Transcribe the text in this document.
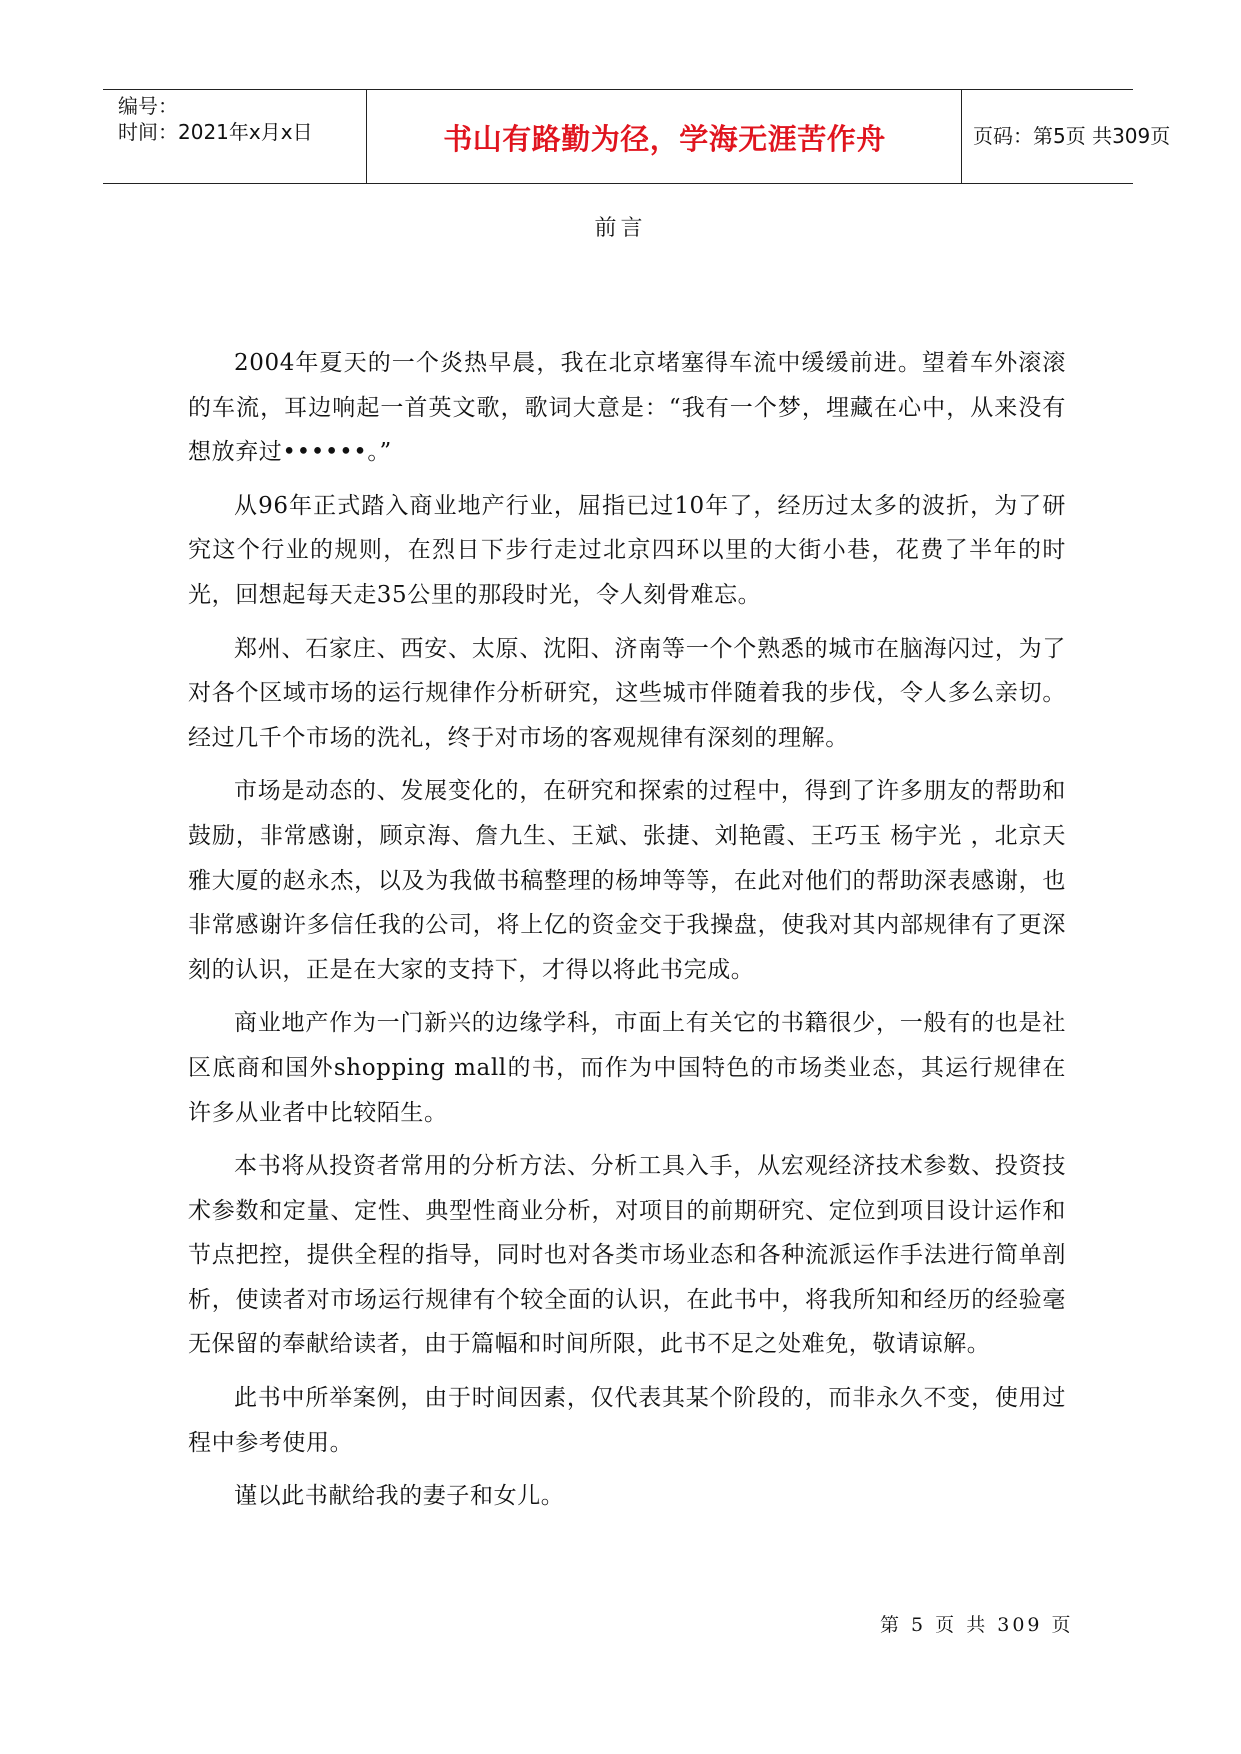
编号：
时间：2021年x月x日	书山有路勤为径，学海无涯苦作舟	页码：第5页 共309页
前言

2004年夏天的一个炎热早晨，我在北京堵塞得车流中缓缓前进。望着车外滚滚的车流，耳边响起一首英文歌，歌词大意是：“我有一个梦，埋藏在心中，从来没有想放弃过••••••。”

从96年正式踏入商业地产行业，屈指已过10年了，经历过太多的波折，为了研究这个行业的规则，在烈日下步行走过北京四环以里的大街小巷，花费了半年的时光，回想起每天走35公里的那段时光，令人刻骨难忘。

郑州、石家庄、西安、太原、沈阳、济南等一个个熟悉的城市在脑海闪过，为了对各个区域市场的运行规律作分析研究，这些城市伴随着我的步伐，令人多么亲切。经过几千个市场的洗礼，终于对市场的客观规律有深刻的理解。

市场是动态的、发展变化的，在研究和探索的过程中，得到了许多朋友的帮助和鼓励，非常感谢，顾京海、詹九生、王斌、张捷、刘艳霞、王巧玉 杨宇光 ，北京天雅大厦的赵永杰，以及为我做书稿整理的杨坤等等，在此对他们的帮助深表感谢，也非常感谢许多信任我的公司，将上亿的资金交于我操盘，使我对其内部规律有了更深刻的认识，正是在大家的支持下，才得以将此书完成。

商业地产作为一门新兴的边缘学科，市面上有关它的书籍很少，一般有的也是社区底商和国外shopping mall的书，而作为中国特色的市场类业态，其运行规律在许多从业者中比较陌生。

本书将从投资者常用的分析方法、分析工具入手，从宏观经济技术参数、投资技术参数和定量、定性、典型性商业分析，对项目的前期研究、定位到项目设计运作和节点把控，提供全程的指导，同时也对各类市场业态和各种流派运作手法进行简单剖析，使读者对市场运行规律有个较全面的认识，在此书中，将我所知和经历的经验毫无保留的奉献给读者，由于篇幅和时间所限，此书不足之处难免，敬请谅解。

此书中所举案例，由于时间因素，仅代表其某个阶段的，而非永久不变，使用过程中参考使用。

谨以此书献给我的妻子和女儿。

第 5 页 共 309 页
